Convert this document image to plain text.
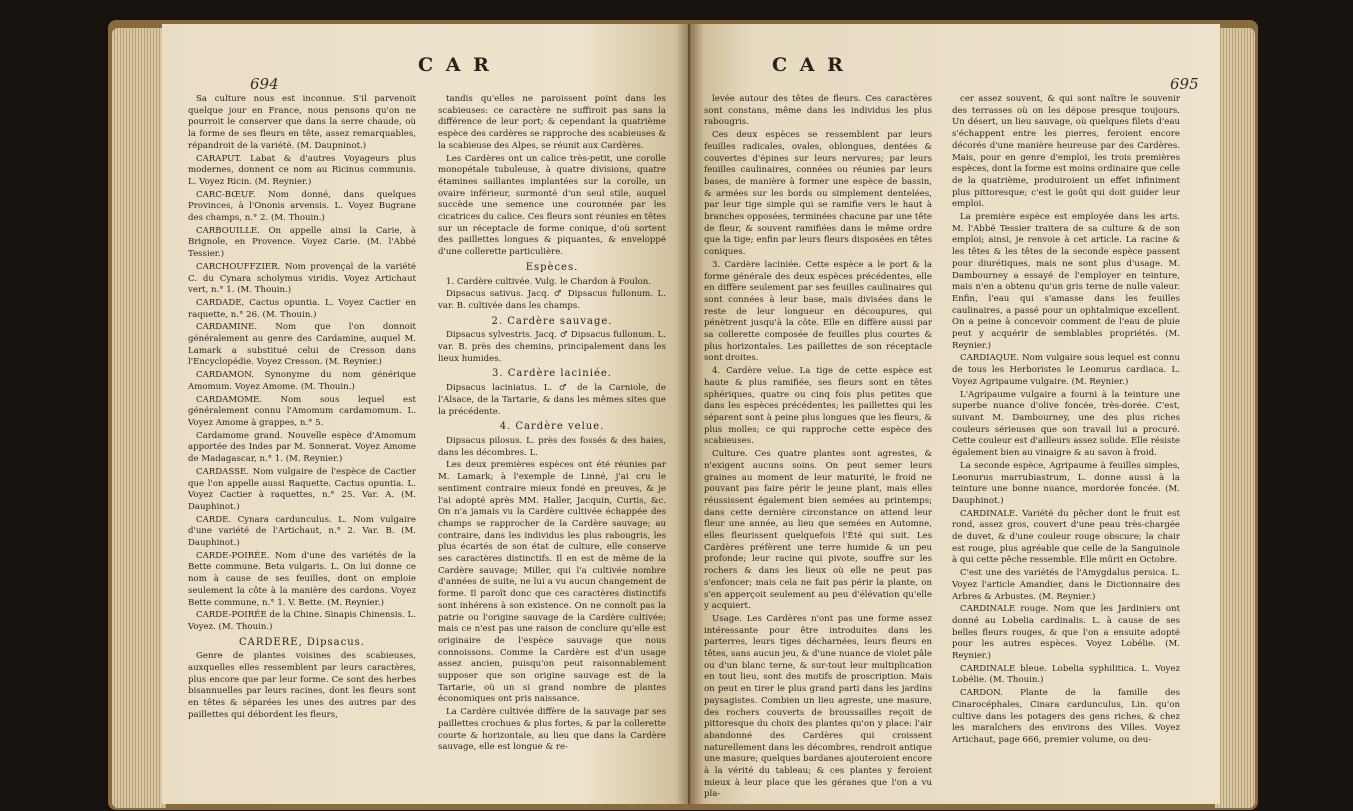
694
C A R

Sa culture nous est inconnue. S'il parvenoit quelque jour en France, nous pensons qu'on ne pourroit le conserver que dans la serre chaude, où la forme de ses fleurs en tête, assez remarquables, répandroit de la variété. (M. Daupninot.)

CARAPUT. Labat & d'autres Voyageurs plus modernes, donnent ce nom au Ricinus communis. L. Voyez Ricin. (M. Reynier.)

CARC-BŒUF. Nom donné, dans quelques Provinces, à l'Ononis arvensis. L. Voyez Bugrane des champs, n.° 2. (M. Thouin.)

CARBOUILLE. On appelle ainsi la Carie, à Brignole, en Provence. Voyez Carie. (M. l'Abbé Tessier.)

CARCHOUFFZIER. Nom provençal de la variété C. du Cynara scholymus viridis. Voyez Artichaut vert, n.° 1. (M. Thouin.)

CARDADE, Cactus opuntia. L. Voyez Cactier en raquette, n.° 26. (M. Thouin.)

CARDAMINE. Nom que l'on donnoit généralement au genre des Cardamine, auquel M. Lamark a substitué celui de Cresson dans l'Encyclopédie. Voyez Cresson. (M. Reynier.)

CARDAMON. Synonyme du nom générique Amomum. Voyez Amome. (M. Thouin.)

CARDAMOME. Nom sous lequel est généralement connu l'Amomum cardamomum. L. Voyez Amome à grappes, n.° 5.

Cardamome grand. Nouvelle espèce d'Amomum apportée des Indes par M. Sonnerat. Voyez Amome de Madagascar, n.° 1. (M. Reynier.)

CARDASSE. Nom vulgaire de l'espèce de Cactier que l'on appelle aussi Raquette. Cactus opuntia. L. Voyez Cactier à raquettes, n.° 25. Var. A. (M. Dauphinot.)

CARDE. Cynara cardunculus. L. Nom vulgaire d'une variété de l'Artichaut, n.° 2. Var. B. (M. Dauphinot.)

CARDE-POIRÉE. Nom d'une des variétés de la Bette commune. Beta vulgaris. L. On lui donne ce nom à cause de ses feuilles, dont on emploie seulement la côte à la manière des cardons. Voyez Bette commune, n.° 1. V. Bette. (M. Reynier.)

CARDE-POIRÉE de la Chine. Sinapis Chinensis. L. Voyez. (M. Thouin.)

CARDERE, Dipsacus.

Genre de plantes voisines des scabieuses, auxquelles elles ressemblent par leurs caractères, plus encore que par leur forme. Ce sont des herbes bisannuelles par leurs racines, dont les fleurs sont en têtes & séparées les unes des autres par des paillettes qui débordent les fleurs,

tandis qu'elles ne paroissent point dans les scabieuses: ce caractère ne suffiroit pas sans la différence de leur port; & cependant la quatrième espèce des cardères se rapproche des scabieuses & la scabieuse des Alpes, se réunit aux Cardères.

Les Cardères ont un calice très-petit, une corolle monopétale tubuleuse, à quatre divisions, quatre étamines saillantes implantées sur la corolle, un ovaire inférieur, surmonté d'un seul stile, auquel succède une semence une couronnée par les cicatrices du calice. Ces fleurs sont réunies en têtes sur un réceptacle de forme conique, d'où sortent des paillettes longues & piquantes, & enveloppé d'une collerette particulière.

Espèces.

1. Cardère cultivée. Vulg. le Chardon à Foulon.

Dipsacus sativus. Jacq. ♂ Dipsacus fullonum. L. var. B. cultivée dans les champs.

2. Cardère sauvage.

Dipsacus sylvestris. Jacq. ♂ Dipsacus fullonum. L. var. B. près des chemins, principalement dans les lieux humides.

3. Cardère laciniée.

Dipsacus laciniatus. L. ♂ de la Carniole, de l'Alsace, de la Tartarie, & dans les mêmes sites que la précédente.

4. Cardère velue.

Dipsacus pilosus. L. près des fossés & des haies, dans les décombres. L.

Les deux premières espèces ont été réunies par M. Lamark; à l'exemple de Linné, j'ai cru le sentiment contraire mieux fondé en preuves, & je l'ai adopté après MM. Haller, Jacquin, Curtis, &c. On n'a jamais vu la Cardère cultivée échappée des champs se rapprocher de la Cardère sauvage; au contraire, dans les individus les plus rabougris, les plus écartés de son état de culture, elle conserve ses caractères distinctifs. Il en est de même de la Cardère sauvage; Miller, qui l'a cultivée nombre d'années de suite, ne lui a vu aucun changement de forme. Il paroît donc que ces caractères distinctifs sont inhérens à son existence. On ne connoît pas la patrie ou l'origine sauvage de la Cardère cultivée; mais ce n'est pas une raison de conclure qu'elle est originaire de l'espèce sauvage que nous connoissons. Comme la Cardère est d'un usage assez ancien, puisqu'on peut raisonnablement supposer que son origine sauvage est de la Tartarie, où un si grand nombre de plantes économiques ont pris naissance.

La Cardère cultivée diffère de la sauvage par ses paillettes crochues & plus fortes, & par la collerette courte & horizontale, au lieu que dans la Cardère sauvage, elle est longue & re-

C A R
695

levée autour des têtes de fleurs. Ces caractères sont constans, même dans les individus les plus rabougris.

Ces deux espèces se ressemblent par leurs feuilles radicales, ovales, oblongues, dentées & couvertes d'épines sur leurs nervures; par leurs feuilles caulinaires, connées ou réunies par leurs bases, de manière à former une espèce de bassin, & armées sur les bords ou simplement dentelées, par leur tige simple qui se ramifie vers le haut à branches opposées, terminées chacune par une tête de fleur, & souvent ramifiées dans le même ordre que la tige; enfin par leurs fleurs disposées en têtes coniques.

3. Cardère laciniée. Cette espèce a le port & la forme générale des deux espèces précédentes, elle en diffère seulement par ses feuilles caulinaires qui sont connées à leur base, mais divisées dans le reste de leur longueur en découpures, qui pénètrent jusqu'à la côte. Elle en diffère aussi par sa collerette composée de feuilles plus courtes & plus horizontales. Les paillettes de son réceptacle sont droites.

4. Cardère velue. La tige de cette espèce est haute & plus ramifiée, ses fleurs sont en têtes sphériques, quatre ou cinq fois plus petites que dans les espèces précédentes; les paillettes qui les séparent sont à peine plus longues que les fleurs, & plus molles; ce qui rapproche cette espèce des scabieuses.

Culture. Ces quatre plantes sont agrestes, & n'exigent aucuns soins. On peut semer leurs graines au moment de leur maturité, le froid ne pouvant pas faire périr le jeune plant, mais elles réussissent également bien semées au printemps; dans cette dernière circonstance on attend leur fleur une année, au lieu que semées en Automne, elles fleurissent quelquefois l'Été qui suit. Les Cardères préfèrent une terre humide & un peu profonde; leur racine qui pivote, souffre sur les rochers & dans les lieux où elle ne peut pas s'enfoncer; mais cela ne fait pas périr la plante, on s'en apperçoit seulement au peu d'élévation qu'elle y acquiert.

Usage. Les Cardères n'ont pas une forme assez intéressante pour être introduites dans les parterres, leurs tiges décharnées, leurs fleurs en têtes, sans aucun jeu, & d'une nuance de violet pâle ou d'un blanc terne, & sur-tout leur multiplication en tout lieu, sont des motifs de proscription. Mais on peut en tirer le plus grand parti dans les jardins paysagistes. Combien un lieu agreste, une masure, des rochers couverts de broussailles reçoit de pittoresque du choix des plantes qu'on y place: l'air abandonné des Cardères qui croissent naturellement dans les décombres, rendroit antique une masure; quelques bardanes ajouteroient encore à la vérité du tableau; & ces plantes y feroient mieux à leur place que les géranes que l'on a vu pla-

cer assez souvent, & qui sont naître le souvenir des terrasses où on les dépose presque toujours. Un désert, un lieu sauvage, où quelques filets d'eau s'échappent entre les pierres, feroient encore décorés d'une manière heureuse par des Cardères. Mais, pour en genre d'emploi, les trois premières espèces, dont la forme est moins ordinaire que celle de la quatrième, produiroient un effet infiniment plus pittoresque; c'est le goût qui doit guider leur emploi.

La première espèce est employée dans les arts. M. l'Abbé Tessier traitera de sa culture & de son emploi; ainsi, je renvoie à cet article. La racine & les têtes & les têtes de la seconde espèce passent pour diurétiques, mais ne sont plus d'usage. M. Dambourney a essayé de l'employer en teinture, mais n'en a obtenu qu'un gris terne de nulle valeur. Enfin, l'eau qui s'amasse dans les feuilles caulinaires, a passé pour un ophtalmique excellent. On a peine à concevoir comment de l'eau de pluie peut y acquérir de semblables propriétés. (M. Reynier.)

CARDIAQUE. Nom vulgaire sous lequel est connu de tous les Herboristes le Leonurus cardiaca. L. Voyez Agripaume vulgaire. (M. Reynier.)

L'Agripaume vulgaire a fourni à la teinture une superbe nuance d'olive foncée, très-dorée. C'est, suivant M. Dambourney, une des plus riches couleurs sérieuses que son travail lui a procuré. Cette couleur est d'ailleurs assez solide. Elle résiste également bien au vinaigre & au savon à froid.

La seconde espèce, Agripaume à feuilles simples, Leonurus marrubiastrum, L. donne aussi à la teinture une bonne nuance, mordorée foncée. (M. Dauphinot.)

CARDINALE. Variété du pêcher dont le fruit est rond, assez gros, couvert d'une peau très-chargée de duvet, & d'une couleur rouge obscure; la chair est rouge, plus agréable que celle de la Sanguinole à qui cette pêche ressemble. Elle mûrit en Octobre.

C'est une des variétés de l'Amygdalus persica. L. Voyez l'article Amandier, dans le Dictionnaire des Arbres & Arbustes. (M. Reynier.)

CARDINALE rouge. Nom que les Jardiniers ont donné au Lobelia cardinalis. L. à cause de ses belles fleurs rouges, & que l'on a ensuite adopté pour les autres espèces. Voyez Lobélie. (M. Reynier.)

CARDINALE bleue. Lobelia syphilitica. L. Voyez Lobélie. (M. Thouin.)

CARDON. Plante de la famille des Cinarocéphales, Cinara cardunculus, Lin. qu'on cultive dans les potagers des gens riches, & chez les maraîchers des environs des Villes. Voyez Artichaut, page 666, premier volume, ou deu-
